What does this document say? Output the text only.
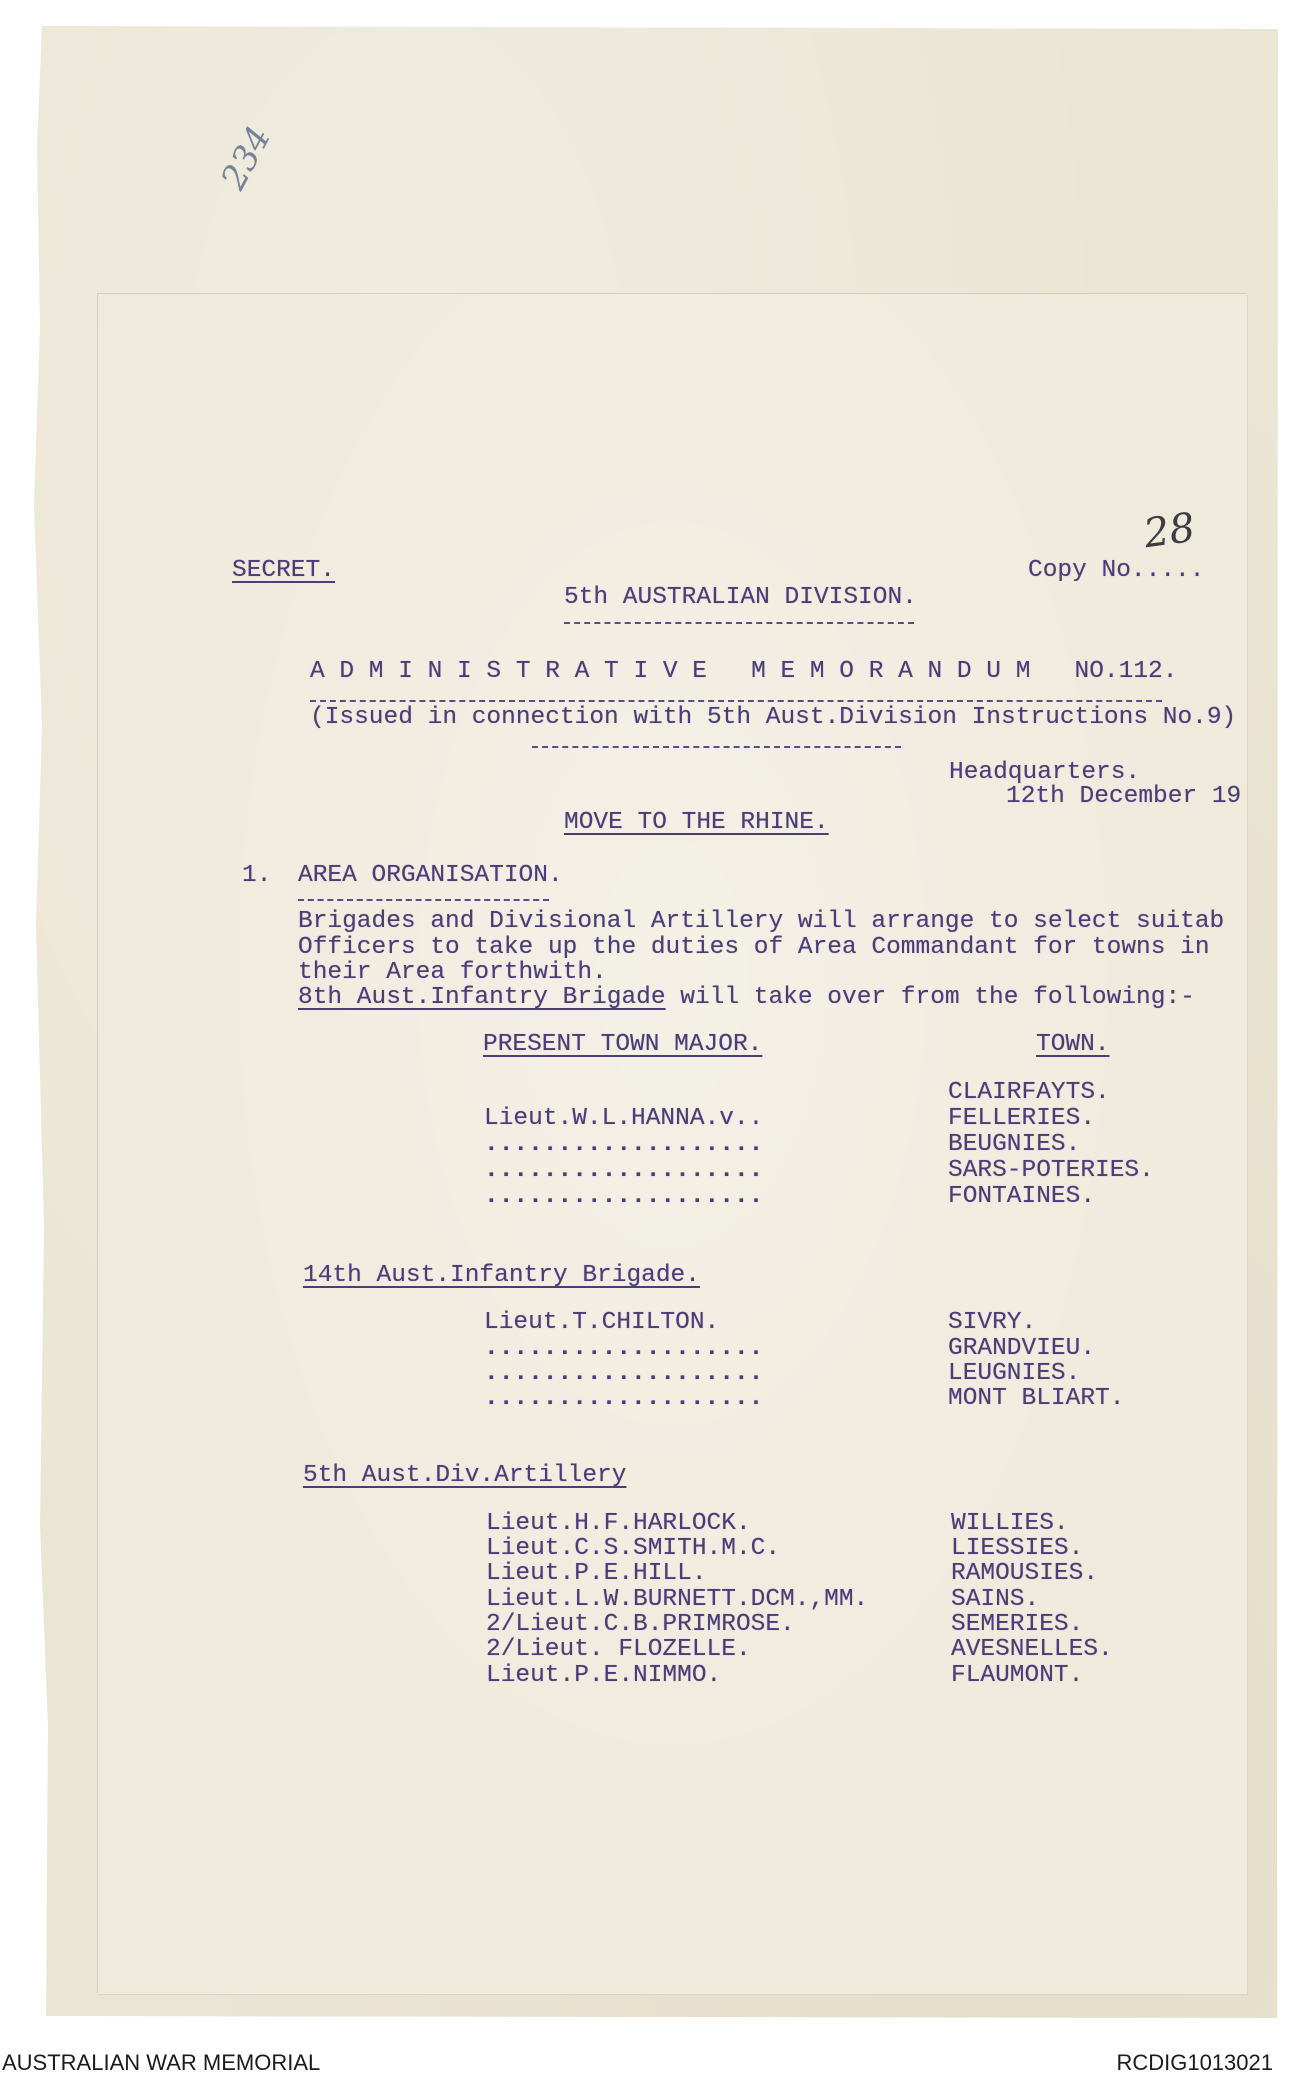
234
28
SECRET.	Copy No.....
5th AUSTRALIAN DIVISION.
A D M I N I S T R A T I V E   M E M O R A N D U M   NO.112.
(Issued in connection with 5th Aust.Division Instructions No.9)
Headquarters.
12th December 19
MOVE TO THE RHINE.
1. AREA ORGANISATION.
Brigades and Divisional Artillery will arrange to select suitab
Officers to take up the duties of Area Commandant for towns in
their Area forthwith.
8th Aust.Infantry Brigade will take over from the following:-
PRESENT TOWN MAJOR.	TOWN.
CLAIRFAYTS.
Lieut.W.L.HANNA.v..	FELLERIES.
...................	BEUGNIES.
...................	SARS-POTERIES.
...................	FONTAINES.
14th Aust.Infantry Brigade.
Lieut.T.CHILTON.	SIVRY.
...................	GRANDVIEU.
...................	LEUGNIES.
...................	MONT BLIART.
5th Aust.Div.Artillery
Lieut.H.F.HARLOCK.	WILLIES.
Lieut.C.S.SMITH.M.C.	LIESSIES.
Lieut.P.E.HILL.	RAMOUSIES.
Lieut.L.W.BURNETT.DCM.,MM.	SAINS.
2/Lieut.C.B.PRIMROSE.	SEMERIES.
2/Lieut. FLOZELLE.	AVESNELLES.
Lieut.P.E.NIMMO.	FLAUMONT.
AUSTRALIAN WAR MEMORIAL	RCDIG1013021
